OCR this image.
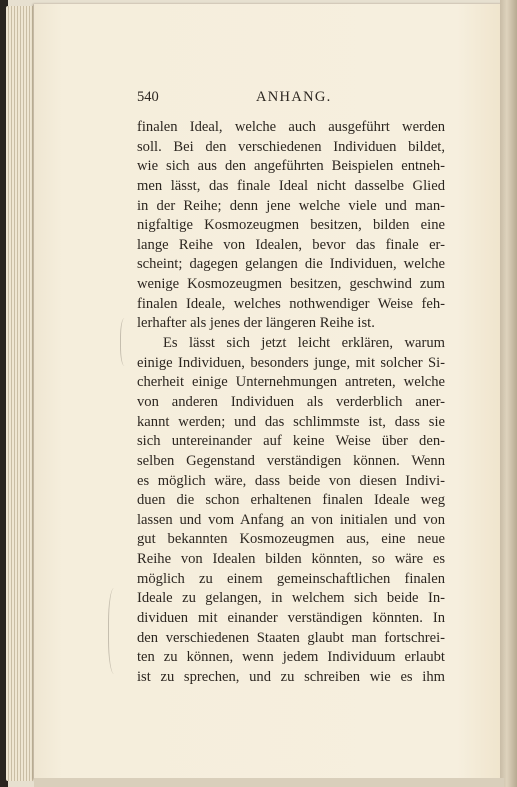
540	ANHANG.
finalen Ideal, welche auch ausgeführt werden
soll. Bei den verschiedenen Individuen bildet,
wie sich aus den angeführten Beispielen entneh-
men lässt, das finale Ideal nicht dasselbe Glied
in der Reihe; denn jene welche viele und man-
nigfaltige Kosmozeugmen besitzen, bilden eine
lange Reihe von Idealen, bevor das finale er-
scheint; dagegen gelangen die Individuen, welche
wenige Kosmozeugmen besitzen, geschwind zum
finalen Ideale, welches nothwendiger Weise feh-
lerhafter als jenes der längeren Reihe ist.
Es lässt sich jetzt leicht erklären, warum
einige Individuen, besonders junge, mit solcher Si-
cherheit einige Unternehmungen antreten, welche
von anderen Individuen als verderblich aner-
kannt werden; und das schlimmste ist, dass sie
sich untereinander auf keine Weise über den-
selben Gegenstand verständigen können. Wenn
es möglich wäre, dass beide von diesen Indivi-
duen die schon erhaltenen finalen Ideale weg
lassen und vom Anfang an von initialen und von
gut bekannten Kosmozeugmen aus, eine neue
Reihe von Idealen bilden könnten, so wäre es
möglich zu einem gemeinschaftlichen finalen
Ideale zu gelangen, in welchem sich beide In-
dividuen mit einander verständigen könnten. In
den verschiedenen Staaten glaubt man fortschrei-
ten zu können, wenn jedem Individuum erlaubt
ist zu sprechen, und zu schreiben wie es ihm
